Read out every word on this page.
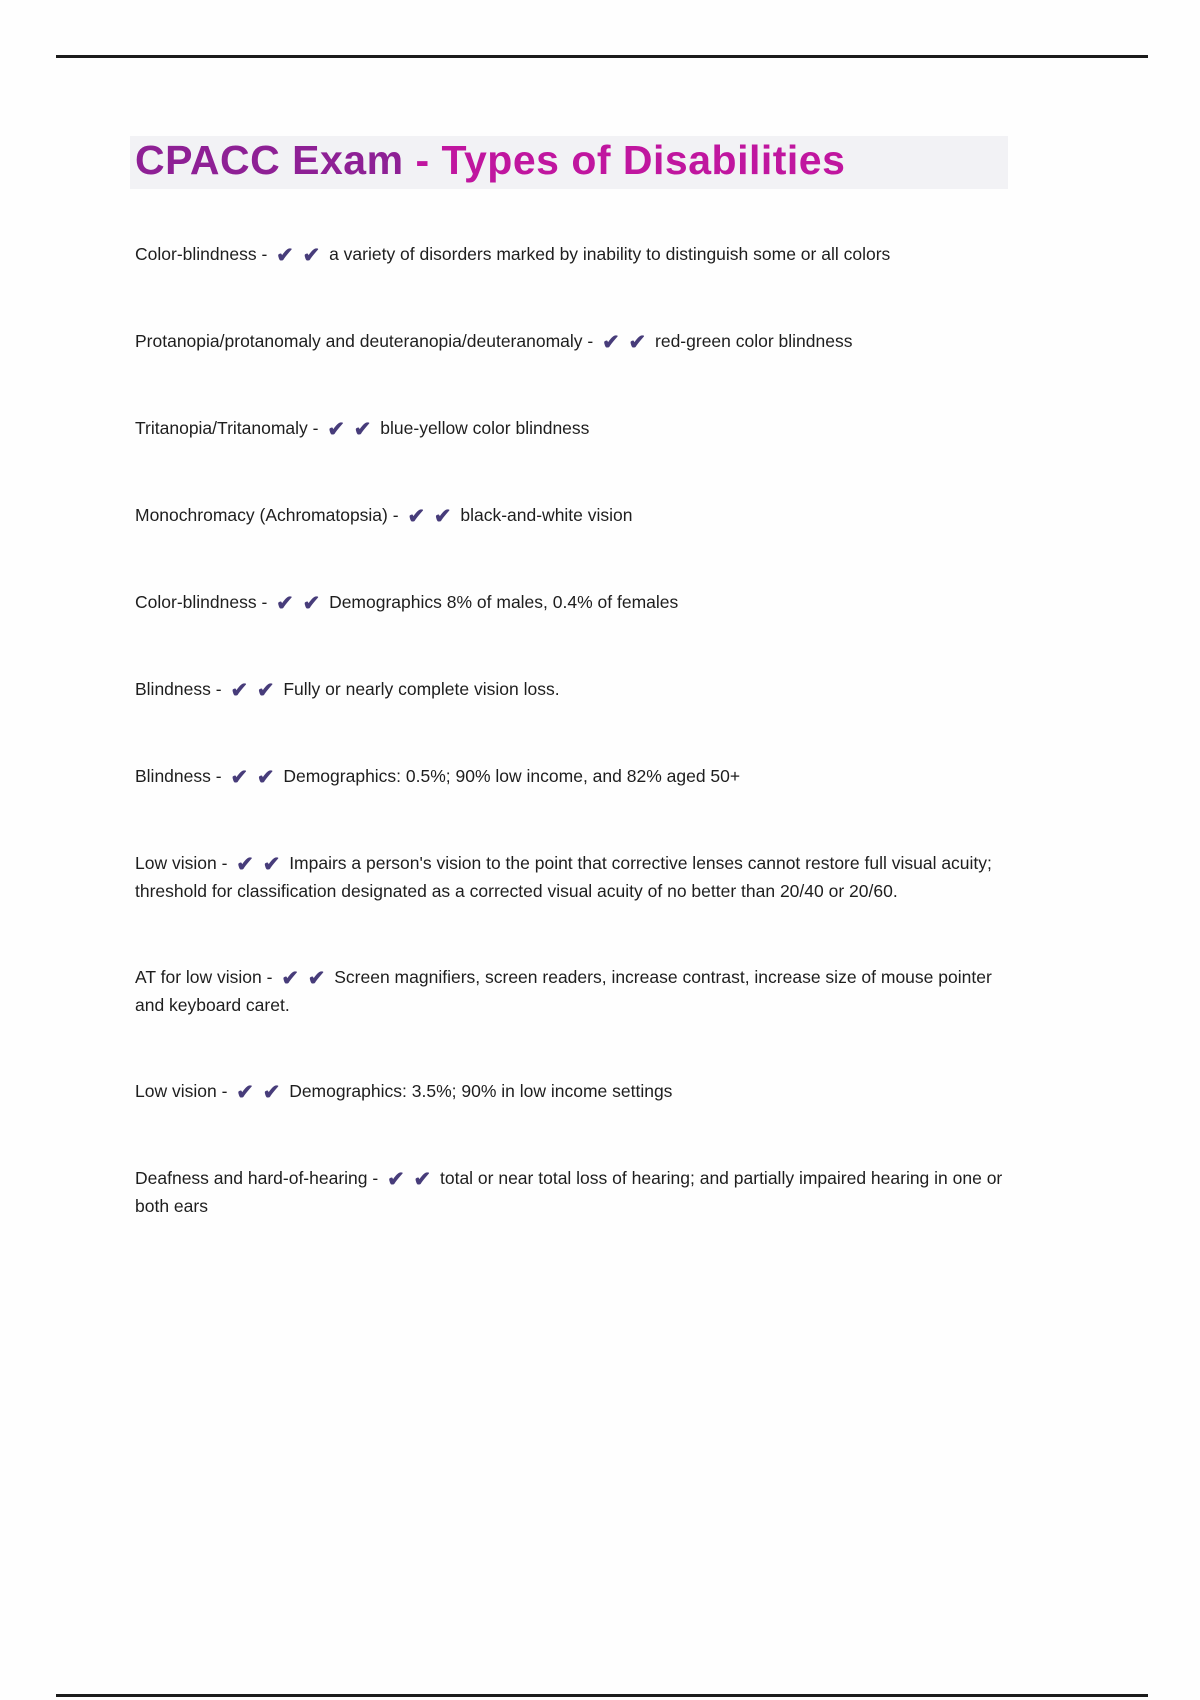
CPACC Exam - Types of Disabilities

Color-blindness - ✔ ✔ a variety of disorders marked by inability to distinguish some or all colors

Protanopia/protanomaly and deuteranopia/deuteranomaly - ✔ ✔ red-green color blindness

Tritanopia/Tritanomaly - ✔ ✔ blue-yellow color blindness

Monochromacy (Achromatopsia) - ✔ ✔ black-and-white vision

Color-blindness - ✔ ✔ Demographics 8% of males, 0.4% of females

Blindness - ✔ ✔ Fully or nearly complete vision loss.

Blindness - ✔ ✔ Demographics: 0.5%; 90% low income, and 82% aged 50+

Low vision - ✔ ✔ Impairs a person's vision to the point that corrective lenses cannot restore full visual acuity; threshold for classification designated as a corrected visual acuity of no better than 20/40 or 20/60.

AT for low vision - ✔ ✔ Screen magnifiers, screen readers, increase contrast, increase size of mouse pointer and keyboard caret.

Low vision - ✔ ✔ Demographics: 3.5%; 90% in low income settings

Deafness and hard-of-hearing - ✔ ✔ total or near total loss of hearing; and partially impaired hearing in one or both ears
